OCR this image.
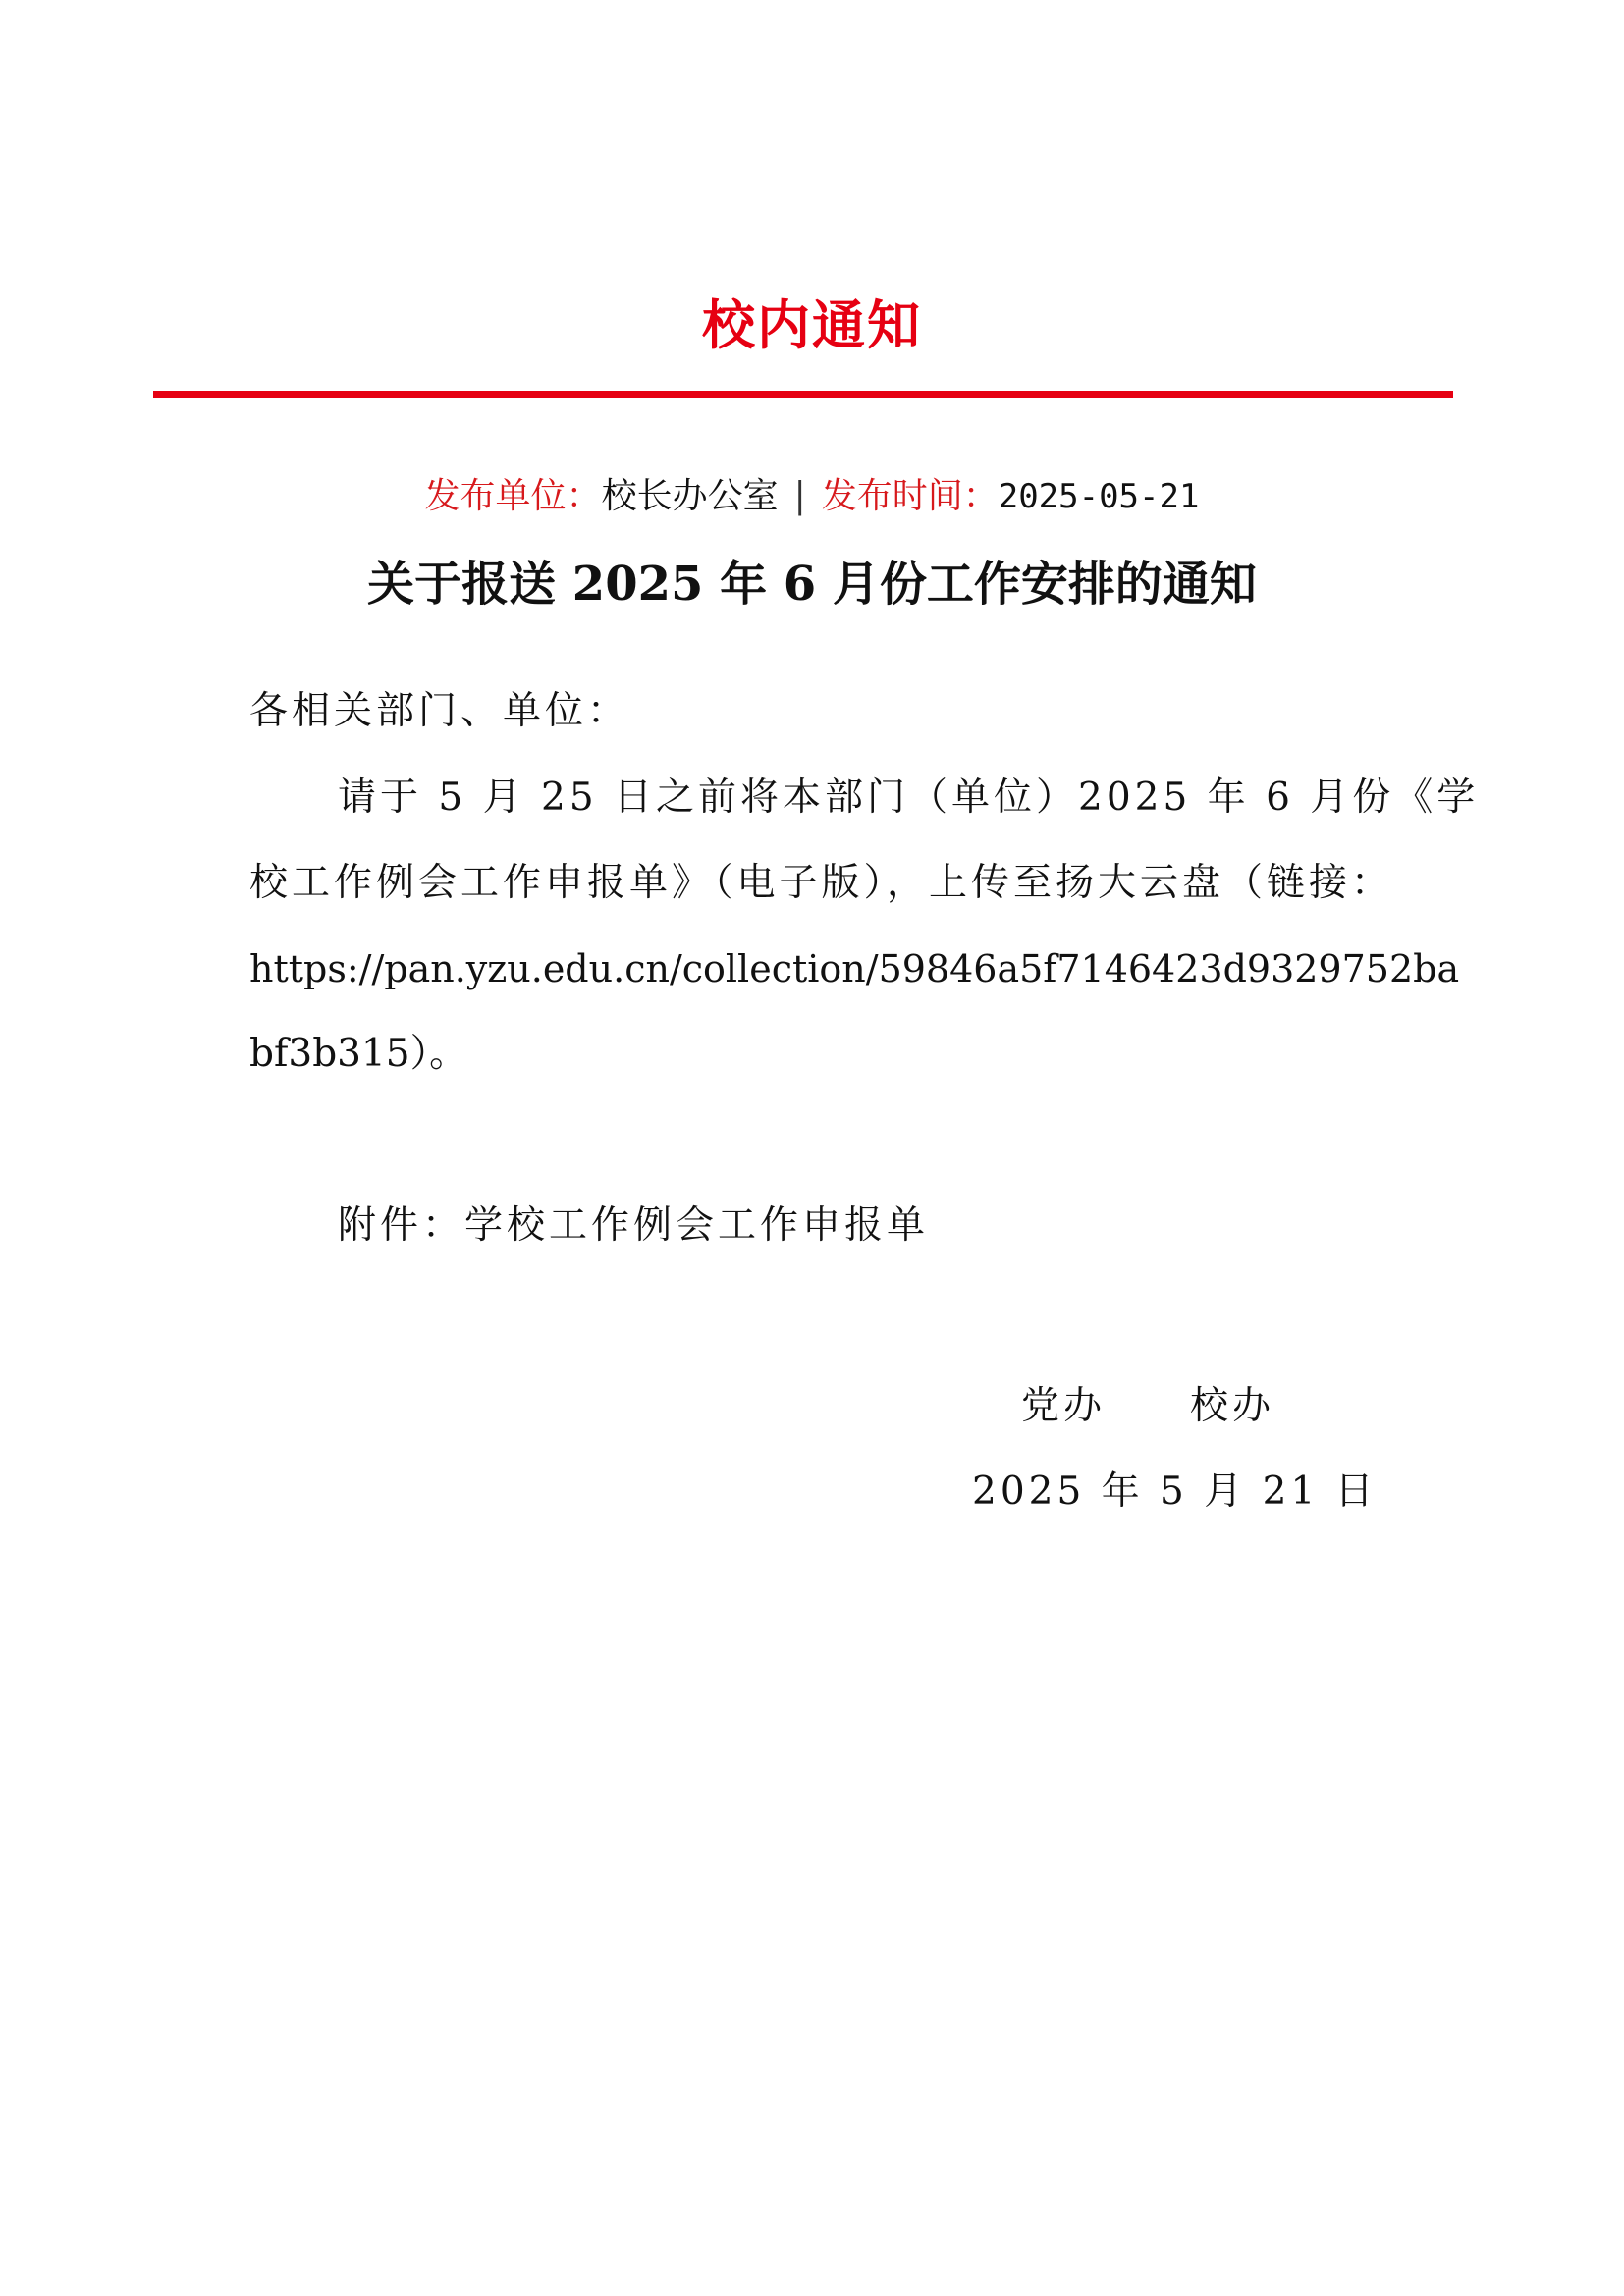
校内通知
发布单位：校长办公室 | 发布时间：2025-05-21
关于报送 2025 年 6 月份工作安排的通知
各相关部门、单位：
请于 5 月 25 日之前将本部门（单位）2025 年 6 月份《学
校工作例会工作申报单》（电子版），上传至扬大云盘（链接：
https://pan.yzu.edu.cn/collection/59846a5f7146423d9329752ba
bf3b315）。
附件：学校工作例会工作申报单
党办　　校办
2025 年 5 月 21 日
